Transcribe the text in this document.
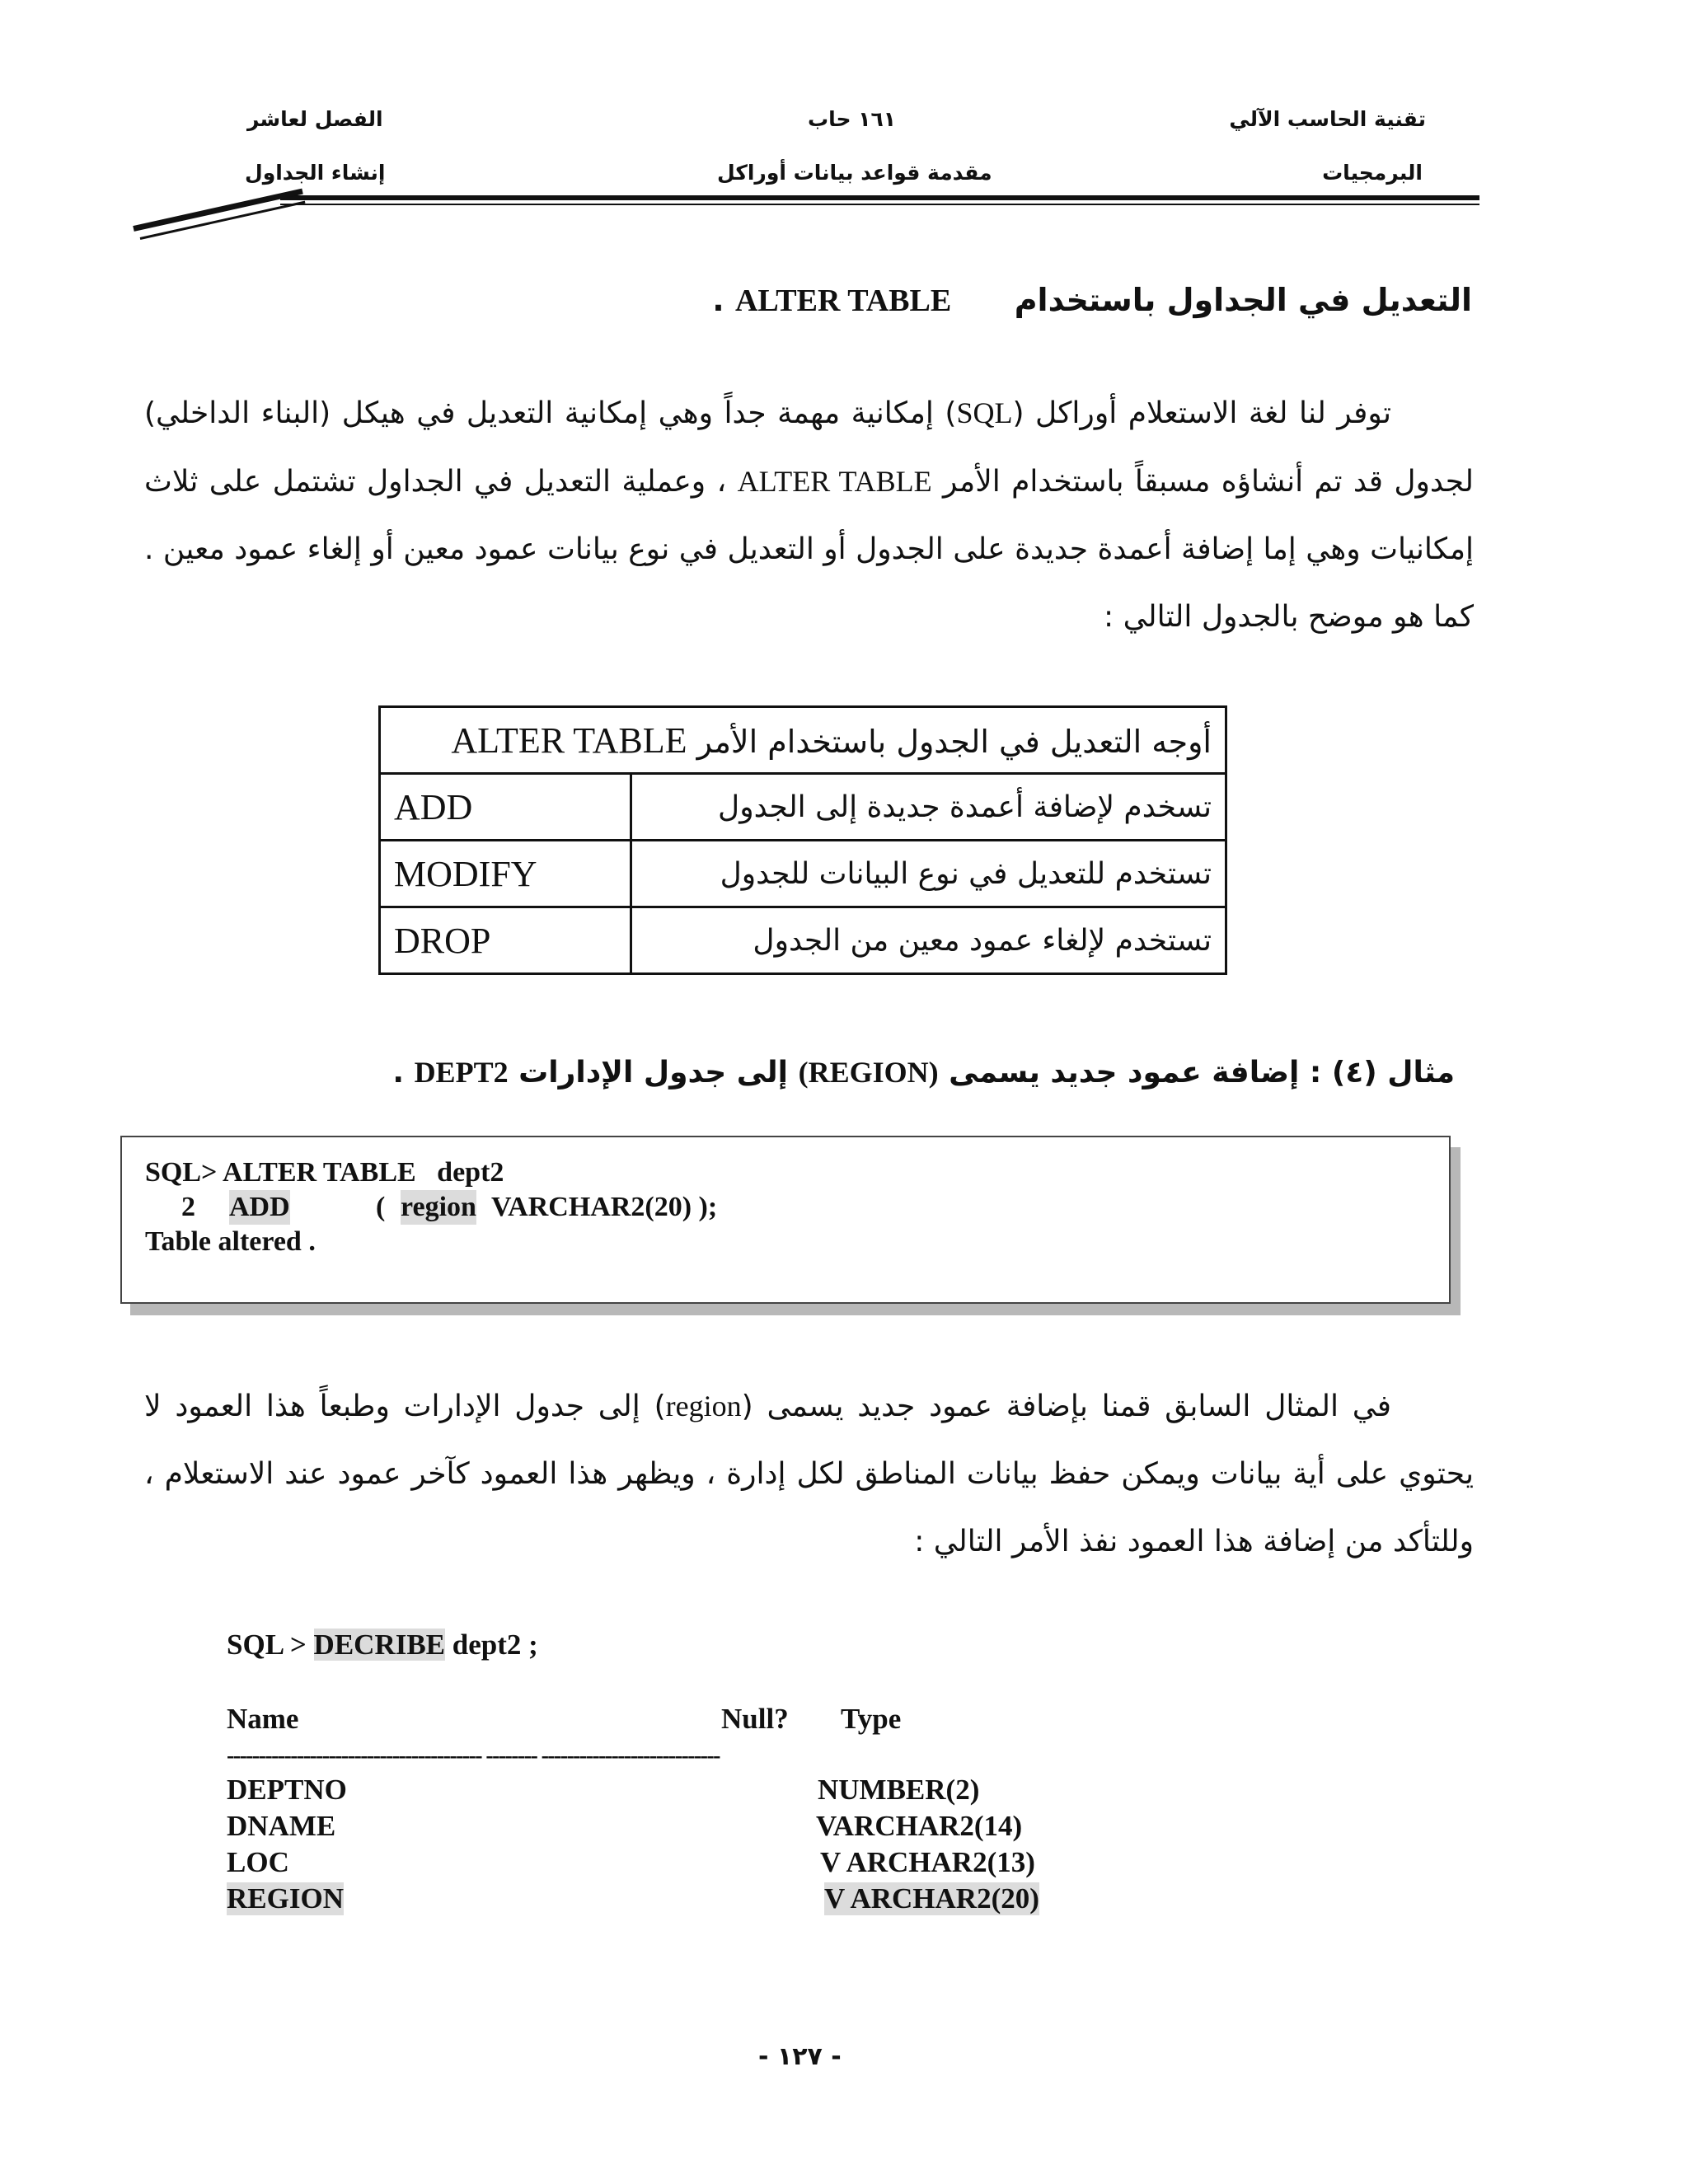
تقنية الحاسب الآلي
البرمجيات
١٦١ حاب
مقدمة قواعد بيانات أوراكل
الفصل لعاشر
إنشاء الجداول
التعديل في الجداول باستخدام  ALTER TABLE .
توفر لنا لغة الاستعلام أوراكل (SQL) إمكانية مهمة جداً وهي إمكانية التعديل في هيكل (البناء الداخلي) لجدول قد تم أنشاؤه مسبقاً باستخدام الأمر ALTER TABLE ، وعملية التعديل في الجداول تشتمل على ثلاث إمكانيات وهي إما إضافة أعمدة جديدة على الجدول أو التعديل في نوع بيانات عمود معين أو إلغاء عمود معين . كما هو موضح بالجدول التالي :
أوجه التعديل في الجدول باستخدام الأمر ALTER TABLE	
ADD	تسخدم لإضافة أعمدة جديدة إلى الجدول
MODIFY	تستخدم للتعديل في نوع البيانات للجدول
DROP	تستخدم لإلغاء عمود معين من الجدول
مثال (٤) : إضافة عمود جديد يسمى (REGION) إلى جدول الإدارات DEPT2 .
SQL> ALTER TABLE   dept2
2 ADD	( region VARCHAR2(20) );
Table altered .
في المثال السابق قمنا بإضافة عمود جديد يسمى (region) إلى جدول الإدارات وطبعاً هذا العمود لا يحتوي على أية بيانات ويمكن حفظ بيانات المناطق لكل إدارة ، ويظهر هذا العمود كآخر عمود عند الاستعلام ، وللتأكد من إضافة هذا العمود نفذ الأمر التالي :
SQL > DECRIBE dept2 ;
Name	Null? Type
---------------------------------------- -------- ----------------------------
DEPTNO	NUMBER(2)
DNAME	VARCHAR2(14)
LOC	V ARCHAR2(13)
REGION	V ARCHAR2(20)
- ١٢٧ -
